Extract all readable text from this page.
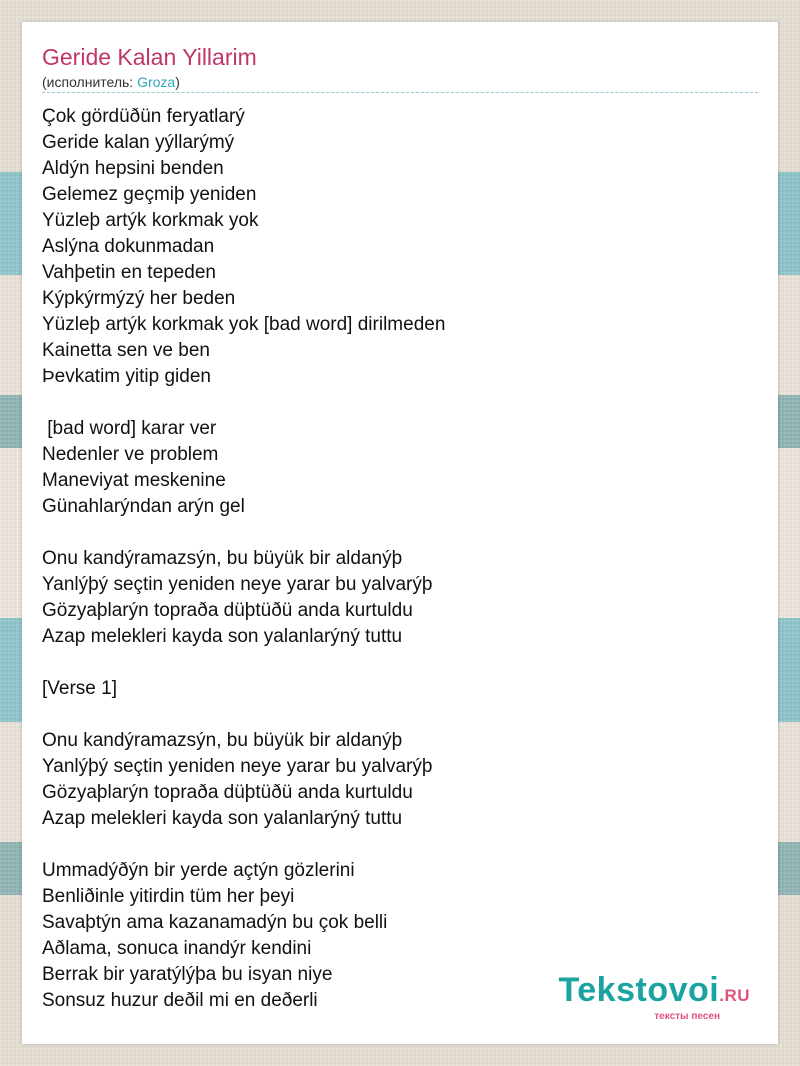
Geride Kalan Yillarim
(исполнитель: Groza)
Çok gördüðün feryatlarý
Geride kalan yýllarýmý
Aldýn hepsini benden
Gelemez geçmiþ yeniden
Yüzleþ artýk korkmak yok
Aslýna dokunmadan
Vahþetin en tepeden
Kýpkýrmýzý her beden
Yüzleþ artýk korkmak yok [bad word] dirilmeden
Kainetta sen ve ben
Þevkatim yitip giden
[bad word] karar ver
Nedenler ve problem
Maneviyat meskenine
Günahlarýndan arýn gel
Onu kandýramazsýn, bu büyük bir aldanýþ
Yanlýþý seçtin yeniden neye yarar bu yalvarýþ
Gözyaþlarýn topraða düþtüðü anda kurtuldu
Azap melekleri kayda son yalanlarýný tuttu
[Verse 1]
Onu kandýramazsýn, bu büyük bir aldanýþ
Yanlýþý seçtin yeniden neye yarar bu yalvarýþ
Gözyaþlarýn topraða düþtüðü anda kurtuldu
Azap melekleri kayda son yalanlarýný tuttu
Ummadýðýn bir yerde açtýn gözlerini
Benliðinle yitirdin tüm her þeyi
Savaþtýn ama kazanamadýn bu çok belli
Aðlama, sonuca inandýr kendini
Berrak bir yaratýlýþa bu isyan niye
Sonsuz huzur deðil mi en deðerli	Tekstovoi.RU
тексты песен
